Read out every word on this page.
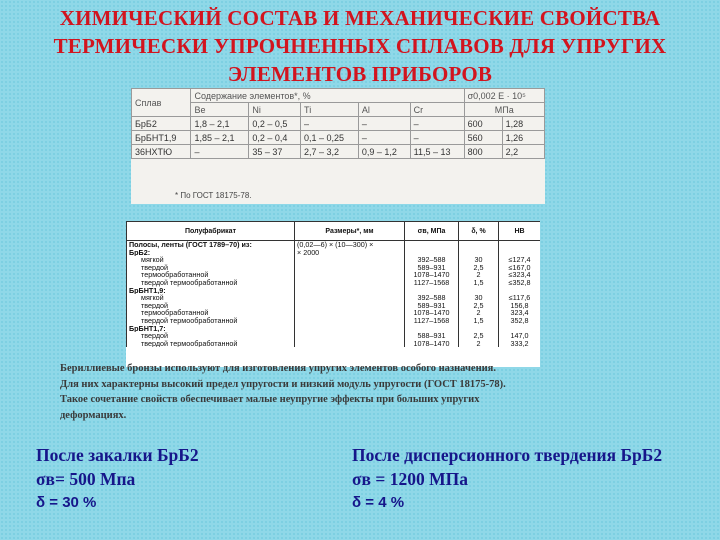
ХИМИЧЕСКИЙ СОСТАВ И МЕХАНИЧЕСКИЕ СВОЙСТВА
ТЕРМИЧЕСКИ УПРОЧНЕННЫХ СПЛАВОВ ДЛЯ УПРУГИХ
ЭЛЕМЕНТОВ ПРИБОРОВ
Сплав	Содержание элементов*, %					σ0,002 E · 10⁵	
	Be	Ni	Ti	Al	Cr	МПа	
БрБ2	1,8 – 2,1	0,2 – 0,5	–	–	–	600	1,28
БрБНТ1,9	1,85 – 2,1	0,2 – 0,4	0,1 – 0,25	–	–	560	1,26
36НХТЮ	–	35 – 37	2,7 – 3,2	0,9 – 1,2	11,5 – 13	800	2,2
* По ГОСТ 18175-78.
Полуфабрикат	Размеры*, мм	σв, МПа	δ, %	HB
Полосы, ленты (ГОСТ 1789–70) из:	(0,02—6) × (10—300) ×			
БрБ2:	× 2000			
мягкой		392–588	30	≤127,4
твердой		589–931	2,5	≤167,0
термообработанной		1078–1470	2	≤323,4
твердой термообработанной		1127–1568	1,5	≤352,8
БрБНТ1,9:				
мягкой		392–588	30	≤117,6
твердой		589–931	2,5	156,8
термообработанной		1078–1470	2	323,4
твердой термообработанной		1127–1568	1,5	352,8
БрБНТ1,7:				
твердой		588–931	2,5	147,0
твердой термообработанной		1078–1470	2	333,2
Бериллиевые бронзы используют для изготовления упругих элементов особого назначения.
Для них характерны высокий предел упругости и низкий модуль упругости (ГОСТ 18175-78).
Такое сочетание свойств обеспечивает малые неупругие эффекты при больших упругих
деформациях.
После закалки БрБ2
σв= 500 Мпа
δ = 30 %
После дисперсионного твердения БрБ2
σв = 1200 МПа
δ = 4 %
